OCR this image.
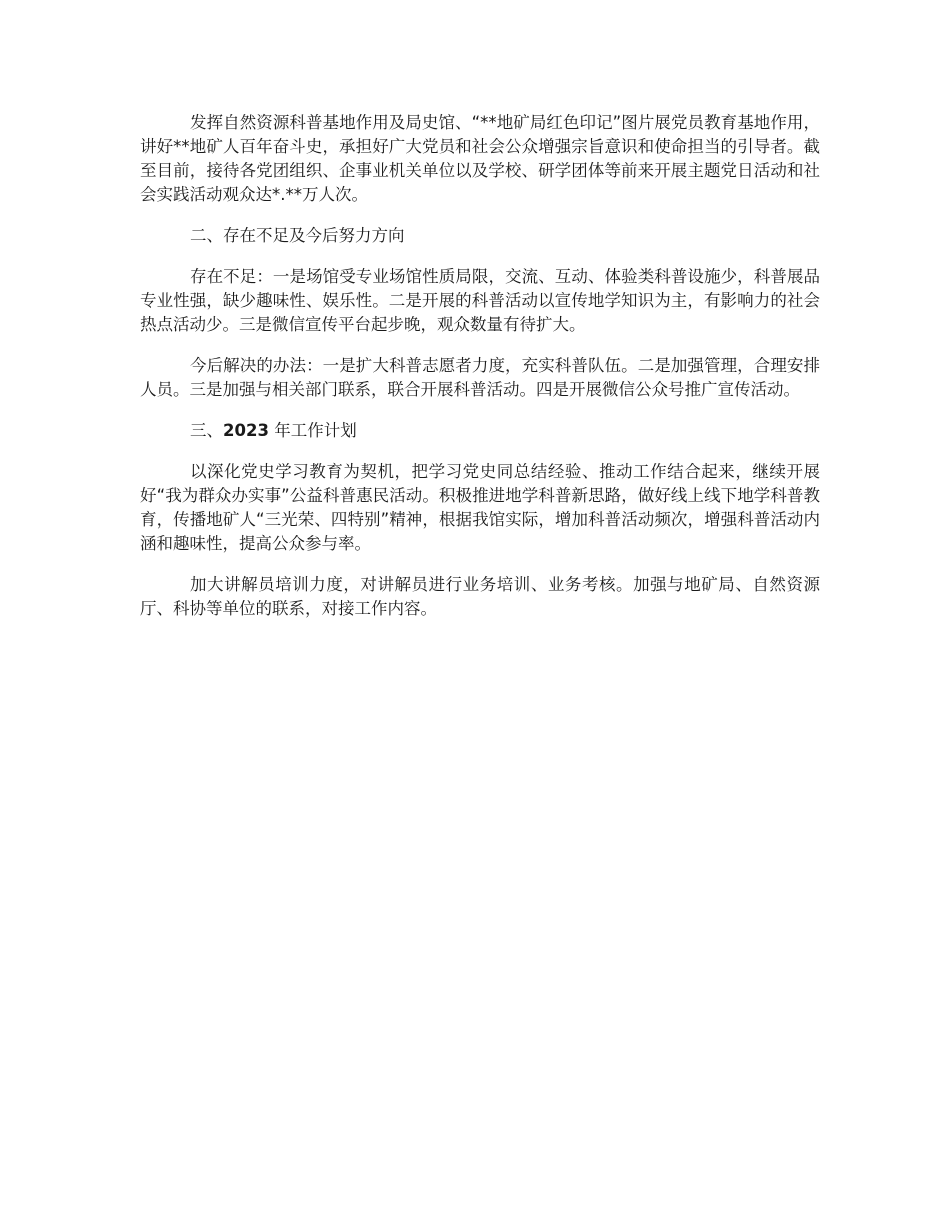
发挥自然资源科普基地作用及局史馆、“**地矿局红色印记”图片展党员教育基地作用，讲好**地矿人百年奋斗史，承担好广大党员和社会公众增强宗旨意识和使命担当的引导者。截至目前，接待各党团组织、企事业机关单位以及学校、研学团体等前来开展主题党日活动和社会实践活动观众达*.**万人次。

二、存在不足及今后努力方向

存在不足：一是场馆受专业场馆性质局限，交流、互动、体验类科普设施少，科普展品专业性强，缺少趣味性、娱乐性。二是开展的科普活动以宣传地学知识为主，有影响力的社会热点活动少。三是微信宣传平台起步晚，观众数量有待扩大。

今后解决的办法：一是扩大科普志愿者力度，充实科普队伍。二是加强管理，合理安排人员。三是加强与相关部门联系，联合开展科普活动。四是开展微信公众号推广宣传活动。

三、2023 年工作计划

以深化党史学习教育为契机，把学习党史同总结经验、推动工作结合起来，继续开展好“我为群众办实事”公益科普惠民活动。积极推进地学科普新思路，做好线上线下地学科普教育，传播地矿人“三光荣、四特别”精神，根据我馆实际，增加科普活动频次，增强科普活动内涵和趣味性，提高公众参与率。

加大讲解员培训力度，对讲解员进行业务培训、业务考核。加强与地矿局、自然资源厅、科协等单位的联系，对接工作内容。
